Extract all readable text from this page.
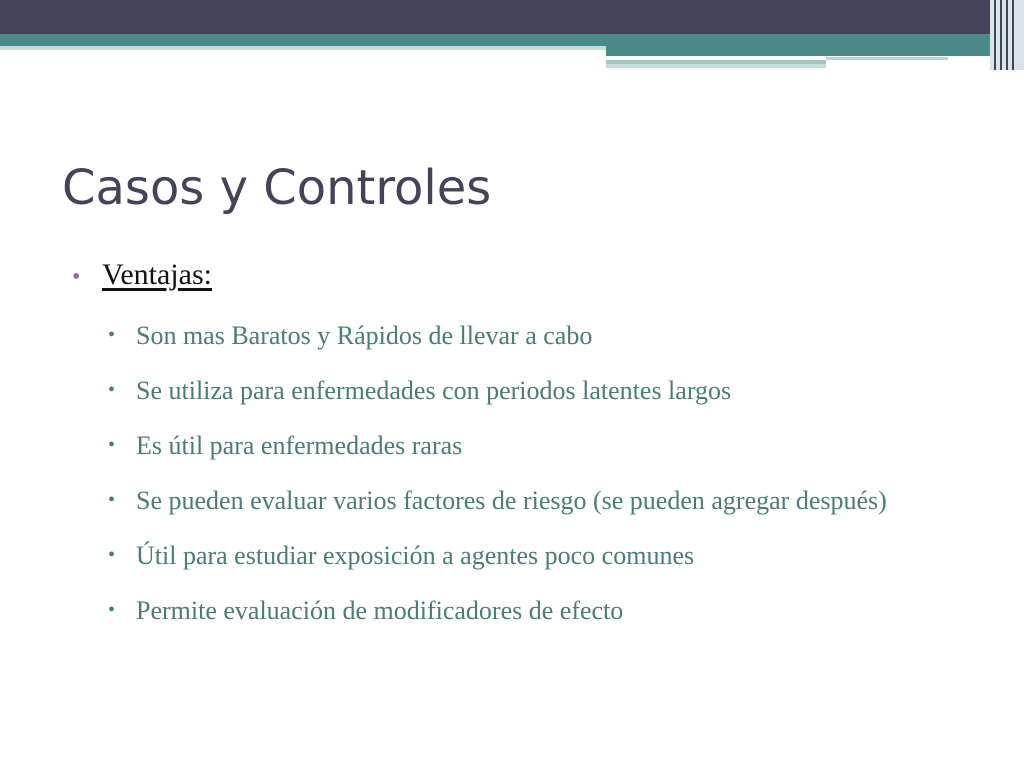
Casos y Controles
• Ventajas:
• Son mas Baratos y Rápidos de llevar a cabo
• Se utiliza para enfermedades con periodos latentes largos
• Es útil para enfermedades raras
• Se pueden evaluar varios factores de riesgo (se pueden agregar después)
• Útil para estudiar exposición a agentes poco comunes
• Permite evaluación de modificadores de efecto
